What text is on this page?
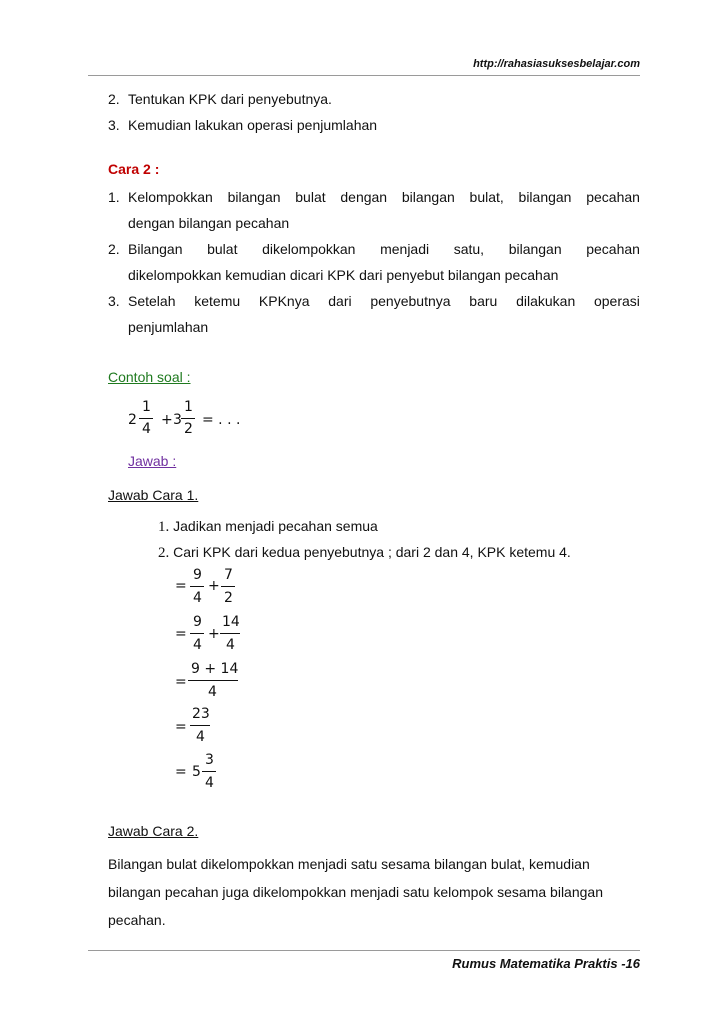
http://rahasiasuksesbelajar.com
2. Tentukan KPK dari penyebutnya.
3. Kemudian lakukan operasi penjumlahan
Cara 2 :
1. Kelompokkan bilangan bulat dengan bilangan bulat, bilangan pecahan
dengan bilangan pecahan
2. Bilangan bulat dikelompokkan menjadi satu, bilangan pecahan
dikelompokkan kemudian dicari KPK dari penyebut bilangan pecahan
3. Setelah ketemu KPKnya dari penyebutnya baru dilakukan operasi
penjumlahan
Contoh soal :
2
1
4
+ 3
1
2
= . . .
Jawab :
Jawab Cara 1.
1. Jadikan menjadi pecahan semua
2. Cari KPK dari kedua penyebutnya ; dari 2 dan 4, KPK ketemu 4.
=
9
4
+
7
2
=
9
4
+
14
4
=
9 + 14
4
=
23
4
= 5
3
4
Jawab Cara 2.
Bilangan bulat dikelompokkan menjadi satu sesama bilangan bulat, kemudian
bilangan pecahan juga dikelompokkan menjadi satu kelompok sesama bilangan
pecahan.
Rumus Matematika Praktis -16
